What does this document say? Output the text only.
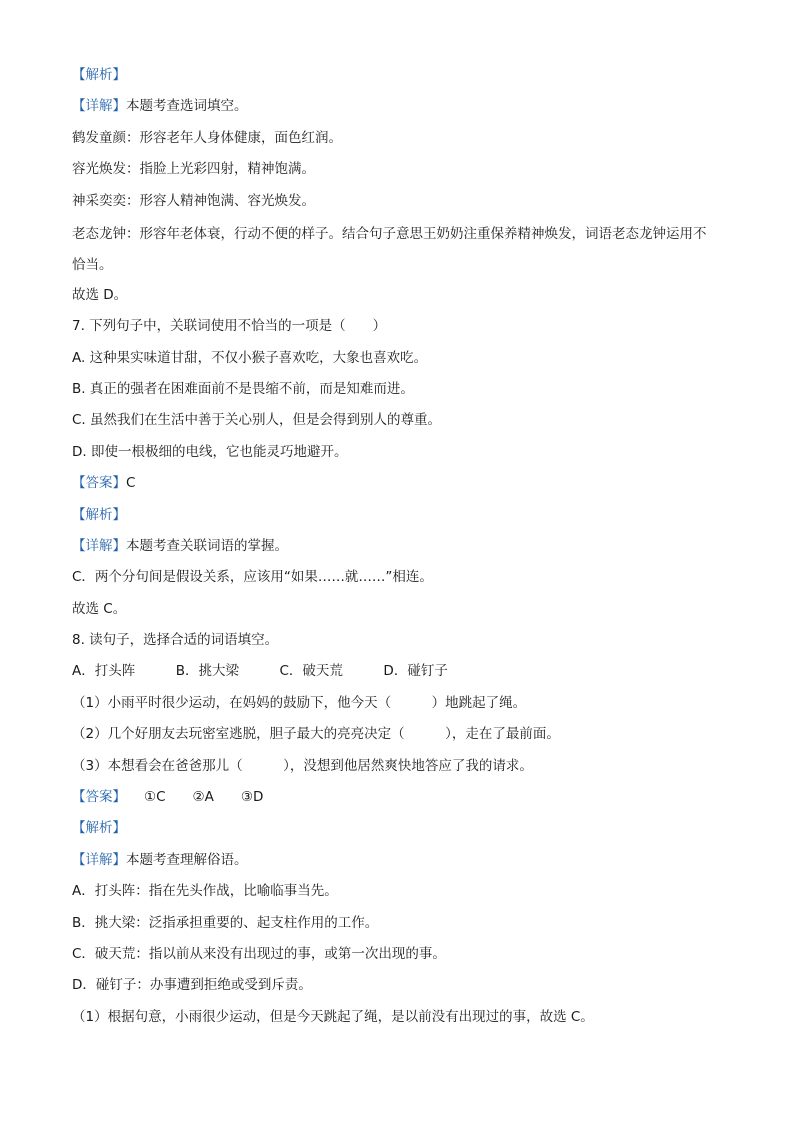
【解析】
【详解】本题考查选词填空。
鹤发童颜：形容老年人身体健康，面色红润。
容光焕发：指脸上光彩四射，精神饱满。
神采奕奕：形容人精神饱满、容光焕发。
老态龙钟：形容年老体衰，行动不便的样子。结合句子意思王奶奶注重保养精神焕发，词语老态龙钟运用不恰当。
故选 D。
7. 下列句子中，关联词使用不恰当的一项是（　　）
A. 这种果实味道甘甜，不仅小猴子喜欢吃，大象也喜欢吃。
B. 真正的强者在困难面前不是畏缩不前，而是知难而进。
C. 虽然我们在生活中善于关心别人，但是会得到别人的尊重。
D. 即使一根极细的电线，它也能灵巧地避开。
【答案】C
【解析】
【详解】本题考查关联词语的掌握。
C．两个分句间是假设关系，应该用“如果……就……”相连。
故选 C。
8. 读句子，选择合适的词语填空。
A．打头阵　　　B．挑大梁　　　C．破天荒　　　D．碰钉子
（1）小雨平时很少运动，在妈妈的鼓励下，他今天（　　　）地跳起了绳。
（2）几个好朋友去玩密室逃脱，胆子最大的亮亮决定（　　　），走在了最前面。
（3）本想看会在爸爸那儿（　　　），没想到他居然爽快地答应了我的请求。
【答案】 ①C　　②A　　③D
【解析】
【详解】本题考查理解俗语。
A．打头阵：指在先头作战，比喻临事当先。
B．挑大梁：泛指承担重要的、起支柱作用的工作。
C．破天荒：指以前从来没有出现过的事，或第一次出现的事。
D．碰钉子：办事遭到拒绝或受到斥责。
（1）根据句意，小雨很少运动，但是今天跳起了绳，是以前没有出现过的事，故选 C。
